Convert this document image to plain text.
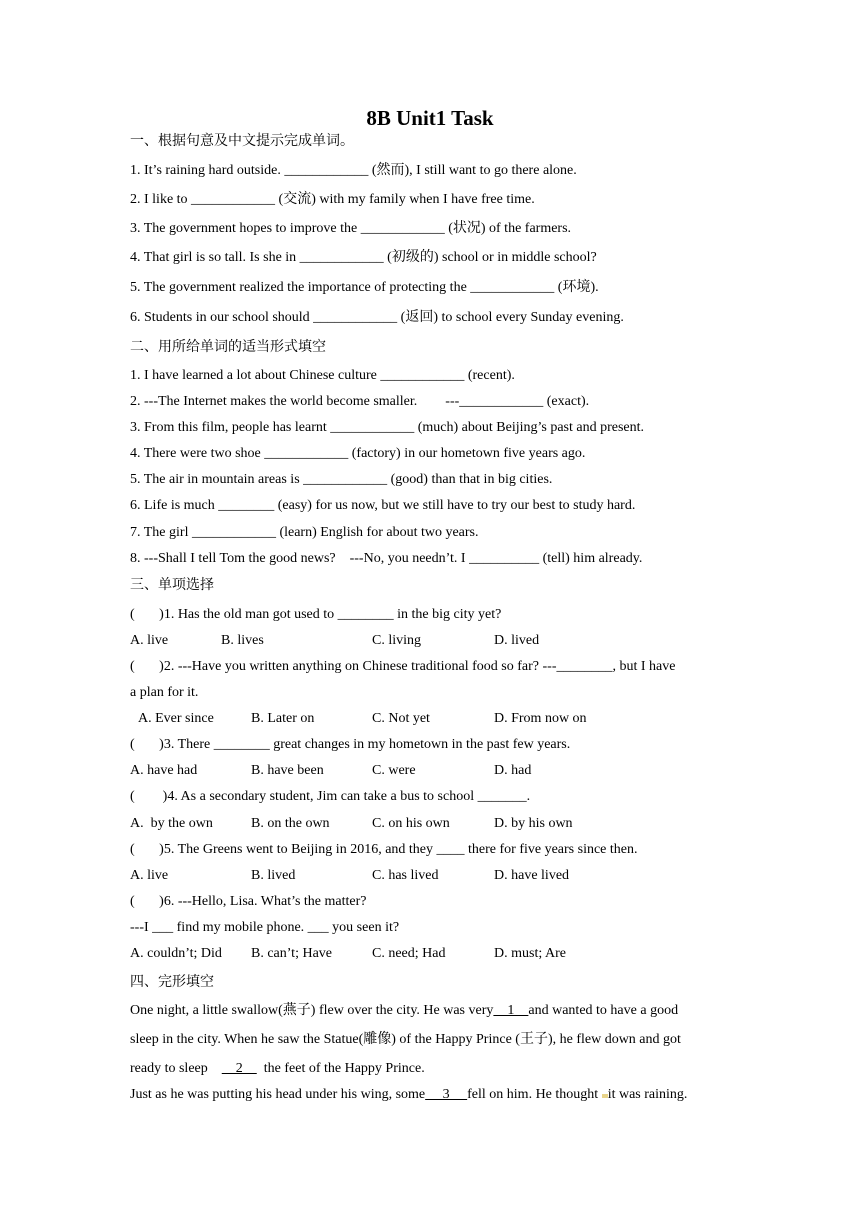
8B Unit1 Task
一、根据句意及中文提示完成单词。
1. It’s raining hard outside. ____________ (然而), I still want to go there alone.
2. I like to ____________ (交流) with my family when I have free time.
3. The government hopes to improve the ____________ (状况) of the farmers.
4. That girl is so tall. Is she in ____________ (初级的) school or in middle school?
5. The government realized the importance of protecting the ____________ (环境).
6. Students in our school should ____________ (返回) to school every Sunday evening.
二、用所给单词的适当形式填空
1. I have learned a lot about Chinese culture ____________ (recent).
2. ---The Internet makes the world become smaller.        ---____________ (exact).
3. From this film, people has learnt ____________ (much) about Beijing’s past and present.
4. There were two shoe ____________ (factory) in our hometown five years ago.
5. The air in mountain areas is ____________ (good) than that in big cities.
6. Life is much ________ (easy) for us now, but we still have to try our best to study hard.
7. The girl ____________ (learn) English for about two years.
8. ---Shall I tell Tom the good news?    ---No, you needn’t. I __________ (tell) him already.
三、单项选择
(       )1. Has the old man got used to ________ in the big city yet?
A. live	B. lives	C. living	D. lived
(       )2. ---Have you written anything on Chinese traditional food so far? ---________, but I have
a plan for it.
A. Ever since	B. Later on	C. Not yet	D. From now on
(       )3. There ________ great changes in my hometown in the past few years.
A. have had	B. have been	C. were	D. had
(        )4. As a secondary student, Jim can take a bus to school _______.
A.  by the own	B. on the own	C. on his own	D. by his own
(       )5. The Greens went to Beijing in 2016, and they ____ there for five years since then.
A. live	B. lived	C. has lived	D. have lived
(       )6. ---Hello, Lisa. What’s the matter?
---I ___ find my mobile phone. ___ you seen it?
A. couldn’t; Did B. can’t; Have	C. need; Had	D. must; Are
四、完形填空
One night, a little swallow(燕子) flew over the city. He was very    1    and wanted to have a good
sleep in the city. When he saw the Statue(雕像) of the Happy Prince (王子), he flew down and got
ready to sleep        2      the feet of the Happy Prince.
Just as he was putting his head under his wing, some     3     fell on him. He thought it was raining.
